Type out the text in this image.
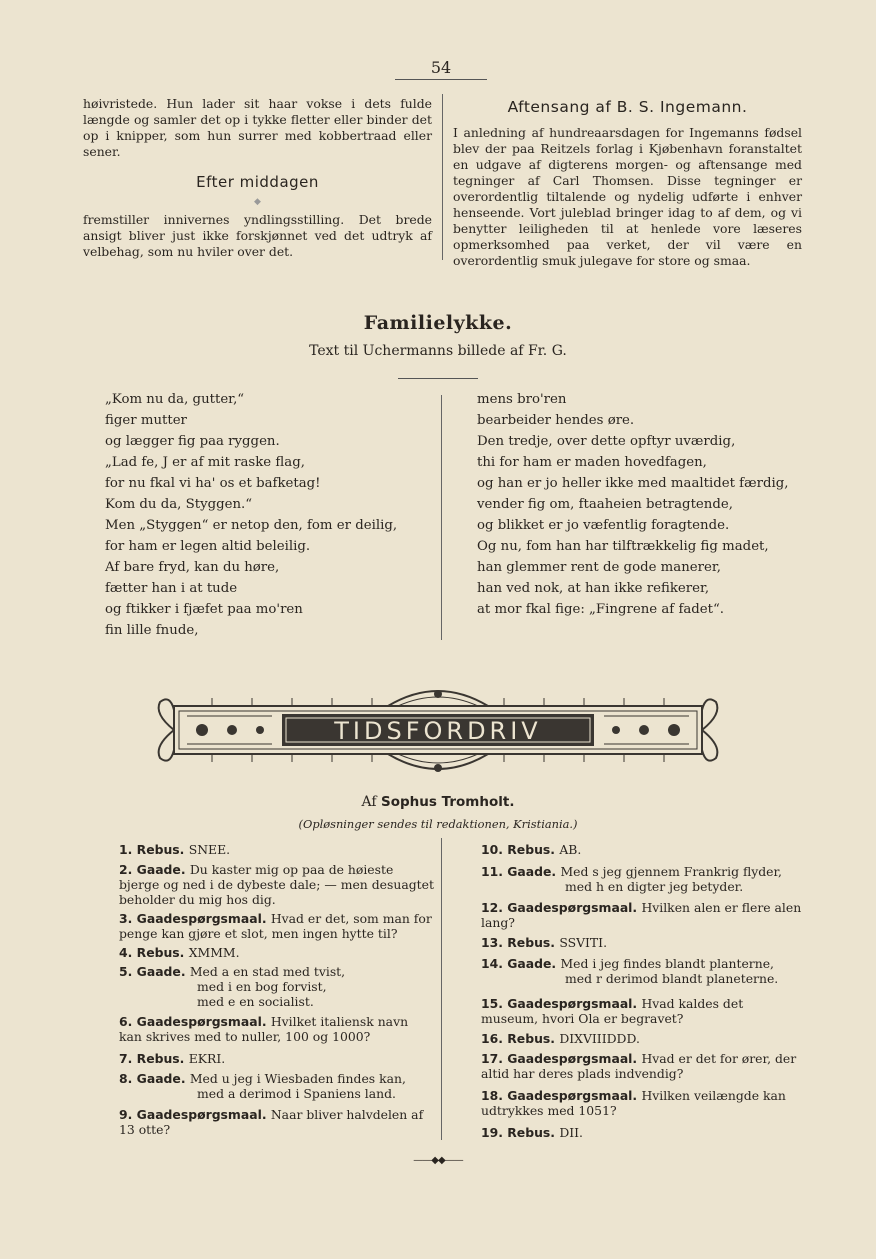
54

høivristede. Hun lader sit haar vokse i dets fulde længde og samler det op i tykke fletter eller binder det op i knipper, som hun surrer med kobbertraad eller sener.

Efter middagen
◆

fremstiller innivernes yndlingsstilling. Det brede ansigt bliver just ikke forskjønnet ved det udtryk af velbehag, som nu hviler over det.

Aftensang af B. S. Ingemann.

I anledning af hundreaarsdagen for Ingemanns fødsel blev der paa Reitzels forlag i Kjøbenhavn foranstaltet en udgave af digterens morgen- og aftensange med tegninger af Carl Thomsen. Disse tegninger er overordentlig tiltalende og nydelig udførte i enhver henseende. Vort juleblad bringer idag to af dem, og vi benytter leiligheden til at henlede vore læseres opmerksomhed paa verket, der vil være en overordentlig smuk julegave for store og smaa.

Familielykke.
Text til Uchermanns billede af Fr. G.
„Kom nu da, gutter,“
figer mutter
og lægger fig paa ryggen.
„Lad fe, J er af mit raske flag,
for nu fkal vi ha' os et bafketag!
Kom du da, Styggen.“
Men „Styggen“ er netop den, fom er deilig,
for ham er legen altid beleilig.
Af bare fryd, kan du høre,
fætter han i at tude
og ftikker i fjæfet paa mo'ren
fin lille fnude,
mens bro'ren
bearbeider hendes øre.
Den tredje, over dette opftyr uværdig,
thi for ham er maden hovedfagen,
og han er jo heller ikke med maaltidet færdig,
vender fig om, ftaaheien betragtende,
og blikket er jo væfentlig foragtende.
Og nu, fom han har tilftrækkelig fig madet,
han glemmer rent de gode manerer,
han ved nok, at han ikke refikerer,
at mor fkal fige: „Fingrene af fadet“.
TIDSFORDRIV
Af Sophus Tromholt.
(Opløsninger sendes til redaktionen, Kristiania.)
1. Rebus. SNEE.
2. Gaade. Du kaster mig op paa de høieste bjerge og ned i de dybeste dale; — men desuagtet beholder du mig hos dig.
3. Gaadespørgsmaal. Hvad er det, som man for penge kan gjøre et slot, men ingen hytte til?
4. Rebus. XMMM.
5. Gaade. Med a en stad med tvist,
med i en bog forvist,
med e en socialist.
6. Gaadespørgsmaal. Hvilket italiensk navn kan skrives med to nuller, 100 og 1000?
7. Rebus. EKRI.
8. Gaade. Med u jeg i Wiesbaden findes kan,
med a derimod i Spaniens land.
9. Gaadespørgsmaal. Naar bliver halvdelen af 13 otte?
10. Rebus. AB.
11. Gaade. Med s jeg gjennem Frankrig flyder,
med h en digter jeg betyder.
12. Gaadespørgsmaal. Hvilken alen er flere alen lang?
13. Rebus. SSVITI.
14. Gaade. Med i jeg findes blandt planterne,
med r derimod blandt planeterne.
15. Gaadespørgsmaal. Hvad kaldes det museum, hvori Ola er begravet?
16. Rebus. DIXVIIIDDD.
17. Gaadespørgsmaal. Hvad er det for ører, der altid har deres plads indvendig?
18. Gaadespørgsmaal. Hvilken veilængde kan udtrykkes med 1051?
19. Rebus. DII.
——◆◆——
